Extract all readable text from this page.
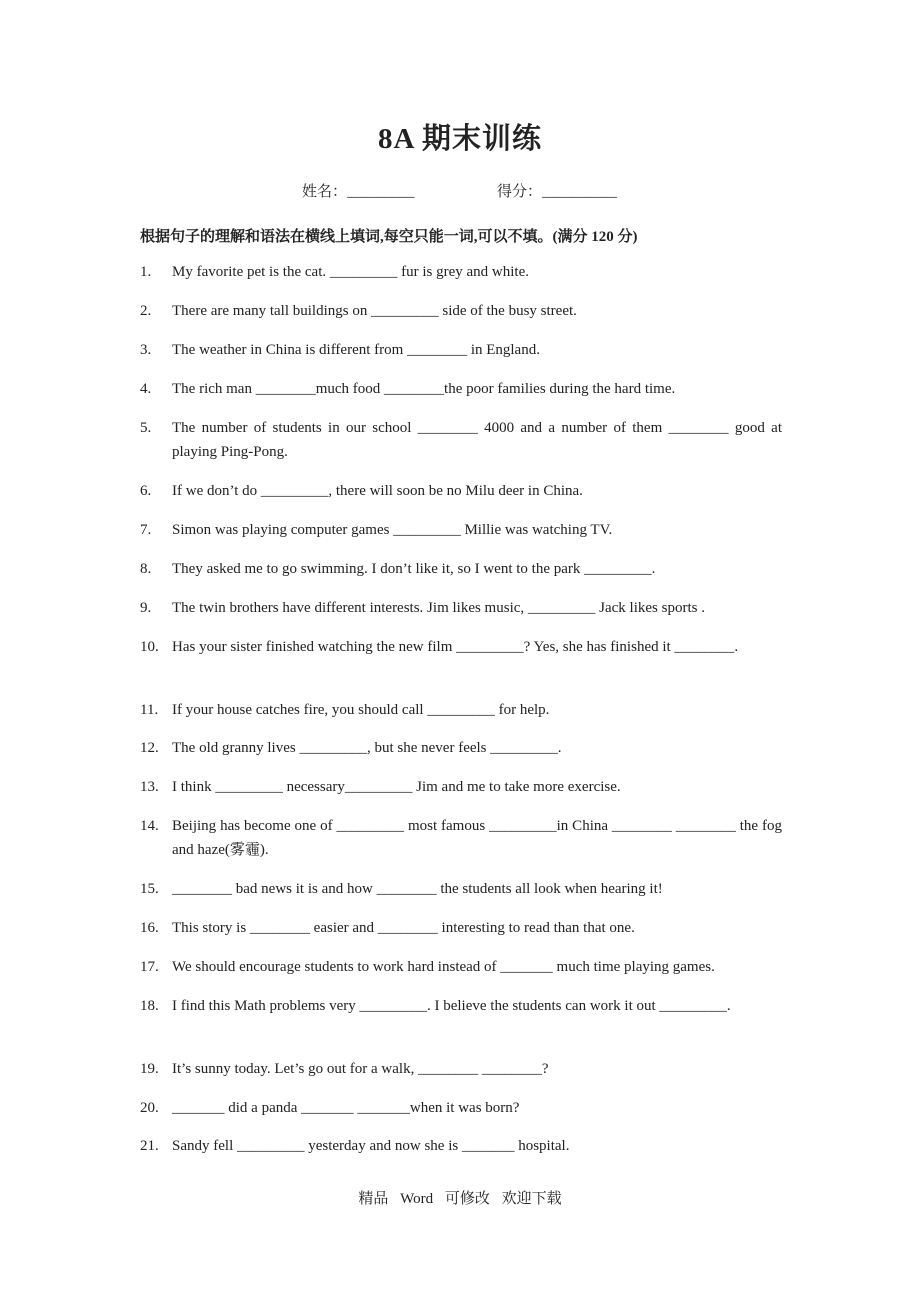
8A 期末训练
姓名：_________	得分：__________
根据句子的理解和语法在横线上填词,每空只能一词,可以不填。(满分 120 分)
1. My favorite pet is the cat. _________ fur is grey and white.
2. There are many tall buildings on _________ side of the busy street.
3. The weather in China is different from ________ in England.
4. The rich man ________much food ________the poor families during the hard time.
5. The number of students in our school ________ 4000 and a number of them ________ good at playing Ping-Pong.
6. If we don’t do _________, there will soon be no Milu deer in China.
7. Simon was playing computer games _________ Millie was watching TV.
8. They asked me to go swimming. I don’t like it, so I went to the park _________.
9. The twin brothers have different interests. Jim likes music, _________ Jack likes sports .
10. Has your sister finished watching the new film _________? Yes, she has finished it ________.
11. If your house catches fire, you should call _________ for help.
12. The old granny lives _________, but she never feels _________.
13. I think _________ necessary_________ Jim and me to take more exercise.
14. Beijing has become one of _________ most famous _________in China ________ ________ the fog and haze(雾霾).
15. ________ bad news it is and how ________ the students all look when hearing it!
16. This story is ________ easier and ________ interesting to read than that one.
17. We should encourage students to work hard instead of _______ much time playing games.
18. I find this Math problems very _________. I believe the students can work it out _________.
19. It’s sunny today. Let’s go out for a walk, ________ ________?
20. _______ did a panda _______ _______when it was born?
21. Sandy fell _________ yesterday and now she is _______ hospital.
精品 Word 可修改 欢迎下载
